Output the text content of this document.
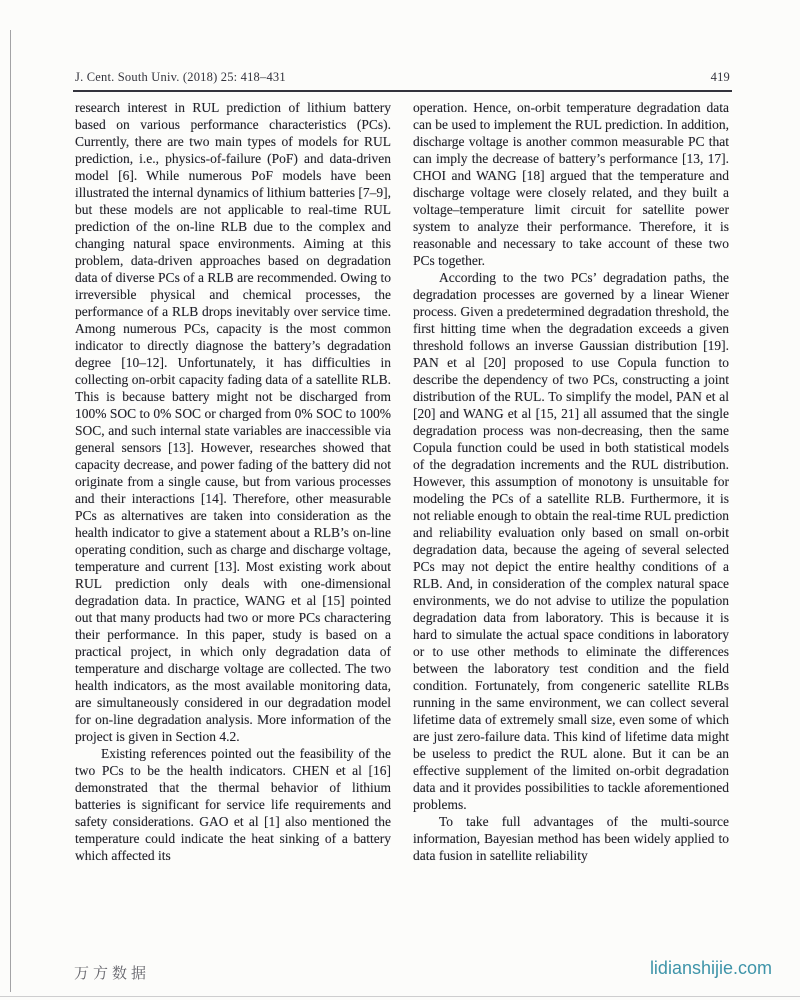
J. Cent. South Univ. (2018) 25: 418–431	419

research interest in RUL prediction of lithium battery based on various performance characteristics (PCs). Currently, there are two main types of models for RUL prediction, i.e., physics-of-failure (PoF) and data-driven model [6]. While numerous PoF models have been illustrated the internal dynamics of lithium batteries [7–9], but these models are not applicable to real-time RUL prediction of the on-line RLB due to the complex and changing natural space environments. Aiming at this problem, data-driven approaches based on degradation data of diverse PCs of a RLB are recommended. Owing to irreversible physical and chemical processes, the performance of a RLB drops inevitably over service time. Among numerous PCs, capacity is the most common indicator to directly diagnose the battery’s degradation degree [10–12]. Unfortunately, it has difficulties in collecting on-orbit capacity fading data of a satellite RLB. This is because battery might not be discharged from 100% SOC to 0% SOC or charged from 0% SOC to 100% SOC, and such internal state variables are inaccessible via general sensors [13]. However, researches showed that capacity decrease, and power fading of the battery did not originate from a single cause, but from various processes and their interactions [14]. Therefore, other measurable PCs as alternatives are taken into consideration as the health indicator to give a statement about a RLB’s on-line operating condition, such as charge and discharge voltage, temperature and current [13]. Most existing work about RUL prediction only deals with one-dimensional degradation data. In practice, WANG et al [15] pointed out that many products had two or more PCs charactering their performance. In this paper, study is based on a practical project, in which only degradation data of temperature and discharge voltage are collected. The two health indicators, as the most available monitoring data, are simultaneously considered in our degradation model for on-line degradation analysis. More information of the project is given in Section 4.2.

Existing references pointed out the feasibility of the two PCs to be the health indicators. CHEN et al [16] demonstrated that the thermal behavior of lithium batteries is significant for service life requirements and safety considerations. GAO et al [1] also mentioned the temperature could indicate the heat sinking of a battery which affected its

operation. Hence, on-orbit temperature degradation data can be used to implement the RUL prediction. In addition, discharge voltage is another common measurable PC that can imply the decrease of battery’s performance [13, 17]. CHOI and WANG [18] argued that the temperature and discharge voltage were closely related, and they built a voltage–temperature limit circuit for satellite power system to analyze their performance. Therefore, it is reasonable and necessary to take account of these two PCs together.

According to the two PCs’ degradation paths, the degradation processes are governed by a linear Wiener process. Given a predetermined degradation threshold, the first hitting time when the degradation exceeds a given threshold follows an inverse Gaussian distribution [19]. PAN et al [20] proposed to use Copula function to describe the dependency of two PCs, constructing a joint distribution of the RUL. To simplify the model, PAN et al [20] and WANG et al [15, 21] all assumed that the single degradation process was non-decreasing, then the same Copula function could be used in both statistical models of the degradation increments and the RUL distribution. However, this assumption of monotony is unsuitable for modeling the PCs of a satellite RLB. Furthermore, it is not reliable enough to obtain the real-time RUL prediction and reliability evaluation only based on small on-orbit degradation data, because the ageing of several selected PCs may not depict the entire healthy conditions of a RLB. And, in consideration of the complex natural space environments, we do not advise to utilize the population degradation data from laboratory. This is because it is hard to simulate the actual space conditions in laboratory or to use other methods to eliminate the differences between the laboratory test condition and the field condition. Fortunately, from congeneric satellite RLBs running in the same environment, we can collect several lifetime data of extremely small size, even some of which are just zero-failure data. This kind of lifetime data might be useless to predict the RUL alone. But it can be an effective supplement of the limited on-orbit degradation data and it provides possibilities to tackle aforementioned problems.

To take full advantages of the multi-source information, Bayesian method has been widely applied to data fusion in satellite reliability

万方数据	lidianshijie.com
